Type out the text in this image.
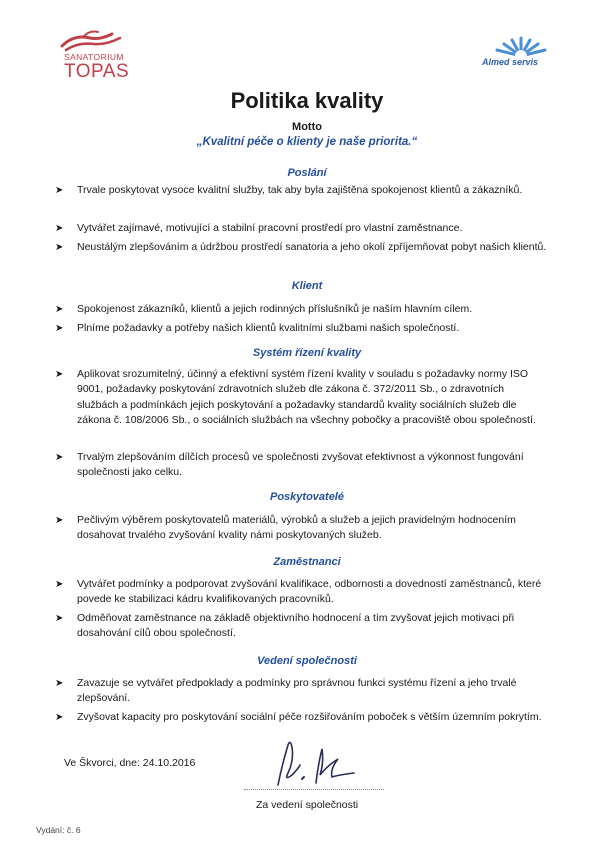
SANATORIUM
TOPAS	Almed servis
Politika kvality
Motto
„Kvalitní péče o klienty je naše priorita.“
Poslání
➤ Trvale poskytovat vysoce kvalitní služby, tak aby byla zajištěna spokojenost klientů a zákazníků.
➤ Vytvářet zajímavé, motivující a stabilní pracovní prostředí pro vlastní zaměstnance.
➤ Neustálým zlepšováním a údržbou prostředí sanatoria a jeho okolí zpříjemňovat pobyt našich klientů.
Klient
➤ Spokojenost zákazníků, klientů a jejich rodinných příslušníků je naším hlavním cílem.
➤ Plníme požadavky a potřeby našich klientů kvalitními službami našich společností.
Systém řízení kvality
➤ Aplikovat srozumitelný, účinný a efektivní systém řízení kvality v souladu s požadavky normy ISO 9001, požadavky poskytování zdravotních služeb dle zákona č. 372/2011 Sb., o zdravotních službách a podmínkách jejich poskytování a požadavky standardů kvality sociálních služeb dle zákona č. 108/2006 Sb., o sociálních službách na všechny pobočky a pracoviště obou společností.
➤ Trvalým zlepšováním dílčích procesů ve společnosti zvyšovat efektivnost a výkonnost fungování společnosti jako celku.
Poskytovatelé
➤ Pečlivým výběrem poskytovatelů materiálů, výrobků a služeb a jejich pravidelným hodnocením dosahovat trvalého zvyšování kvality námi poskytovaných služeb.
Zaměstnanci
➤ Vytvářet podmínky a podporovat zvyšování kvalifikace, odbornosti a dovedností zaměstnanců, které povede ke stabilizaci kádru kvalifikovaných pracovníků.
➤ Odměňovat zaměstnance na základě objektivního hodnocení a tím zvyšovat jejich motivaci při dosahování cílů obou společností.
Vedení společnosti
➤ Zavazuje se vytvářet předpoklady a podmínky pro správnou funkci systému řízení a jeho trvalé zlepšování.
➤ Zvyšovat kapacity pro poskytování sociální péče rozšiřováním poboček s větším územním pokrytím.
Ve Škvorci, dne: 24.10.2016
Za vedení společnosti
Vydání: č. 6
